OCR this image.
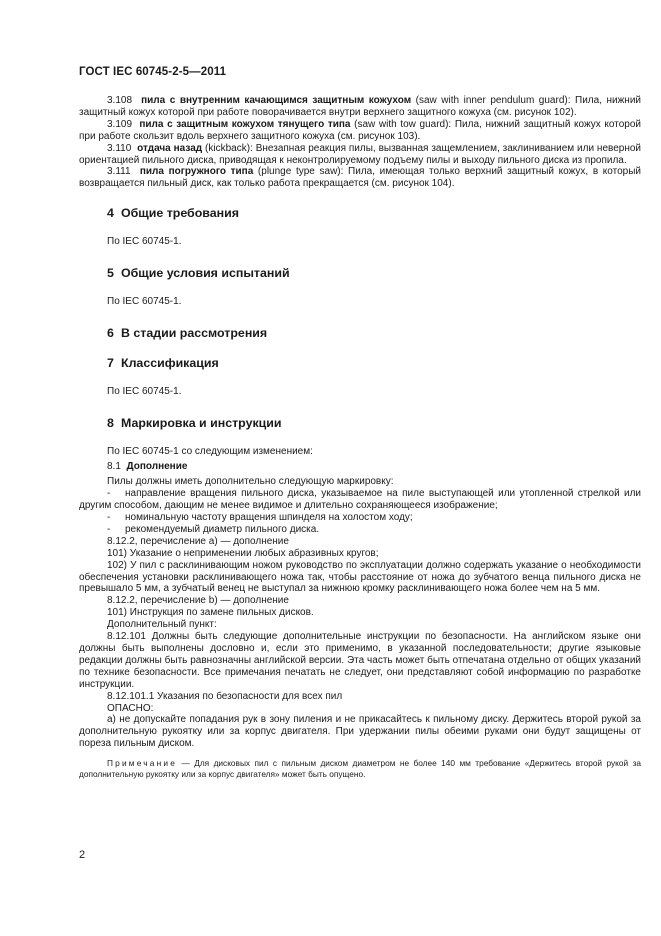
ГОСТ IEC 60745-2-5—2011

3.108 пила с внутренним качающимся защитным кожухом (saw with inner pendulum guard): Пила, нижний защитный кожух которой при работе поворачивается внутри верхнего защитного кожуха (см. рисунок 102).

3.109 пила с защитным кожухом тянущего типа (saw with tow guard): Пила, нижний защитный кожух которой при работе скользит вдоль верхнего защитного кожуха (см. рисунок 103).

3.110 отдача назад (kickback): Внезапная реакция пилы, вызванная защемлением, заклиниванием или неверной ориентацией пильного диска, приводящая к неконтролируемому подъему пилы и выходу пильного диска из пропила.

3.111 пила погружного типа (plunge type saw): Пила, имеющая только верхний защитный кожух, в который возвращается пильный диск, как только работа прекращается (см. рисунок 104).

4 Общие требования

По IEC 60745-1.

5 Общие условия испытаний

По IEC 60745-1.

6 В стадии рассмотрения

7 Классификация

По IEC 60745-1.

8 Маркировка и инструкции

По IEC 60745-1 со следующим изменением:

8.1 Дополнение

Пилы должны иметь дополнительно следующую маркировку:

- направление вращения пильного диска, указываемое на пиле выступающей или утопленной стрелкой или другим способом, дающим не менее видимое и длительно сохраняющееся изображение;

- номинальную частоту вращения шпинделя на холостом ходу;

- рекомендуемый диаметр пильного диска.

8.12.2, перечисление а) — дополнение

101) Указание о неприменении любых абразивных кругов;

102) У пил с расклинивающим ножом руководство по эксплуатации должно содержать указание о необходимости обеспечения установки расклинивающего ножа так, чтобы расстояние от ножа до зубчатого венца пильного диска не превышало 5 мм, а зубчатый венец не выступал за нижнюю кромку расклинивающего ножа более чем на 5 мм.

8.12.2, перечисление b) — дополнение

101) Инструкция по замене пильных дисков.

Дополнительный пункт:

8.12.101 Должны быть следующие дополнительные инструкции по безопасности. На английском языке они должны быть выполнены дословно и, если это применимо, в указанной последовательности; другие языковые редакции должны быть равнозначны английской версии. Эта часть может быть отпечатана отдельно от общих указаний по технике безопасности. Все примечания печатать не следует, они представляют собой информацию по разработке инструкции.

8.12.101.1 Указания по безопасности для всех пил

ОПАСНО:

а) не допускайте попадания рук в зону пиления и не прикасайтесь к пильному диску. Держитесь второй рукой за дополнительную рукоятку или за корпус двигателя. При удержании пилы обеими руками они будут защищены от пореза пильным диском.

Примечание — Для дисковых пил с пильным диском диаметром не более 140 мм требование «Держитесь второй рукой за дополнительную рукоятку или за корпус двигателя» может быть опущено.

2
